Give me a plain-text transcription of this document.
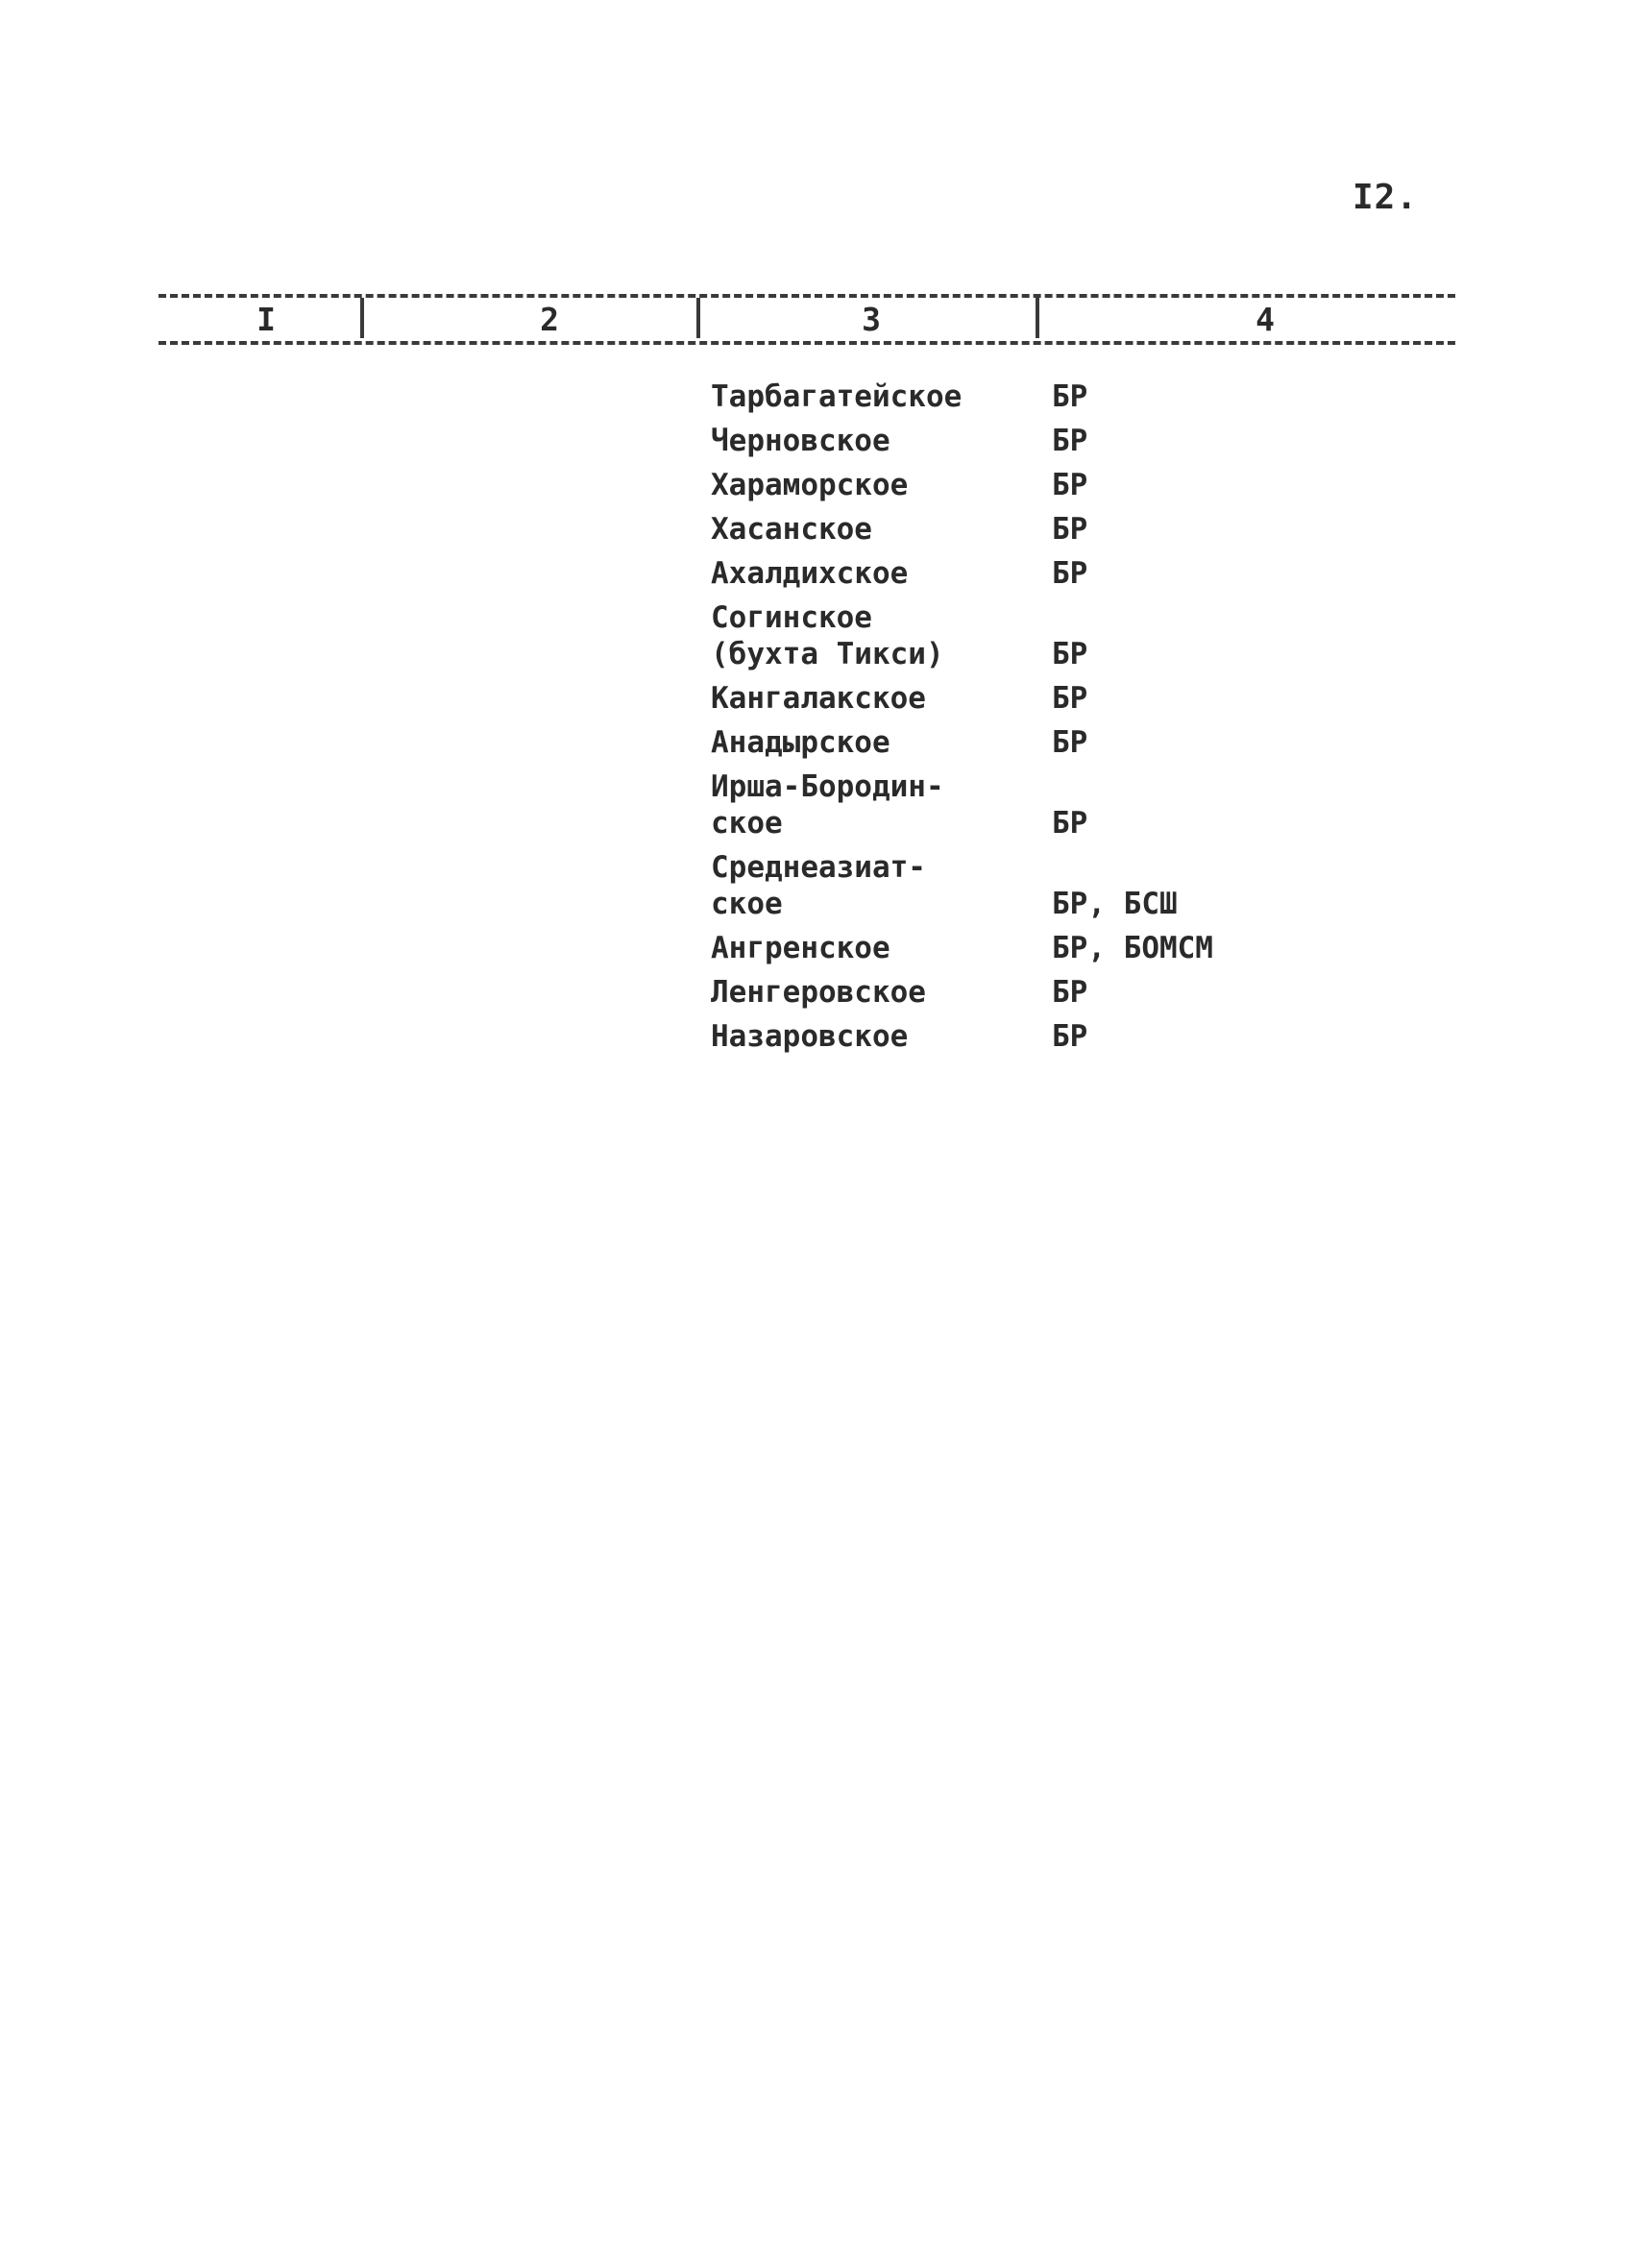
I2.
I	2	3	4
Тарбагатейское	БР
Черновское	БР
Хараморское	БР
Хасанское	БР
Ахалдихское	БР
Согинское
(бухта Тикси)	БР
Кангалакское	БР
Анадырское	БР
Ирша-Бородин-
ское	БР
Среднеазиат-
ское	БР, БСШ
Ангренское	БР, БОМСМ
Ленгеровское	БР
Назаровское	БР
